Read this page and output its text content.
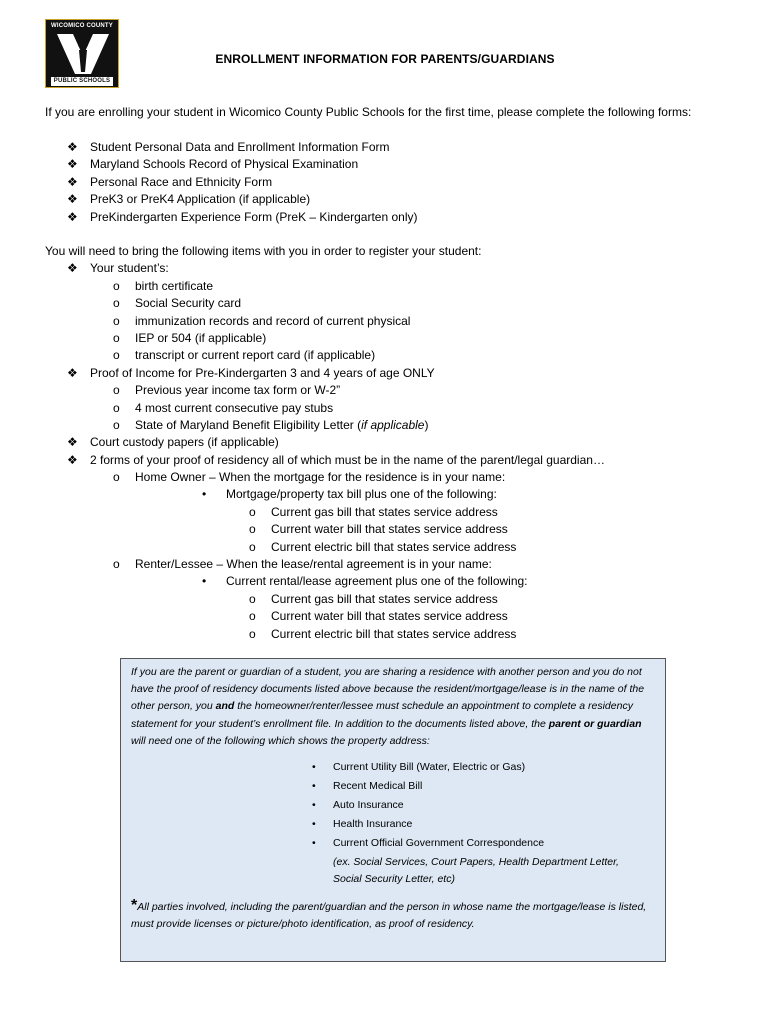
WICOMICO COUNTY
PUBLIC SCHOOLS
ENROLLMENT INFORMATION FOR PARENTS/GUARDIANS
If you are enrolling your student in Wicomico County Public Schools for the first time, please complete the following forms:
❖ Student Personal Data and Enrollment Information Form
❖ Maryland Schools Record of Physical Examination
❖ Personal Race and Ethnicity Form
❖ PreK3 or PreK4 Application (if applicable)
❖ PreKindergarten Experience Form (PreK – Kindergarten only)
You will need to bring the following items with you in order to register your student:
❖ Your student’s:
o birth certificate
o Social Security card
o immunization records and record of current physical
o IEP or 504 (if applicable)
o transcript or current report card (if applicable)
❖ Proof of Income for Pre-Kindergarten 3 and 4 years of age ONLY
o Previous year income tax form or W-2”
o 4 most current consecutive pay stubs
o State of Maryland Benefit Eligibility Letter (if applicable)
❖ Court custody papers (if applicable)
❖ 2 forms of your proof of residency all of which must be in the name of the parent/legal guardian…
o Home Owner – When the mortgage for the residence is in your name:
• Mortgage/property tax bill plus one of the following:
o Current gas bill that states service address
o Current water bill that states service address
o Current electric bill that states service address
o Renter/Lessee – When the lease/rental agreement is in your name:
• Current rental/lease agreement plus one of the following:
o Current gas bill that states service address
o Current water bill that states service address
o Current electric bill that states service address
If you are the parent or guardian of a student, you are sharing a residence with another person and you do not have the proof of residency documents listed above because the resident/mortgage/lease is in the name of the other person, you and the homeowner/renter/lessee must schedule an appointment to complete a residency statement for your student’s enrollment file. In addition to the documents listed above, the parent or guardian will need one of the following which shows the property address:
• Current Utility Bill (Water, Electric or Gas)
• Recent Medical Bill
• Auto Insurance
• Health Insurance
• Current Official Government Correspondence
(ex. Social Services, Court Papers, Health Department Letter,
Social Security Letter, etc)
*All parties involved, including the parent/guardian and the person in whose name the mortgage/lease is listed, must provide licenses or picture/photo identification, as proof of residency.
